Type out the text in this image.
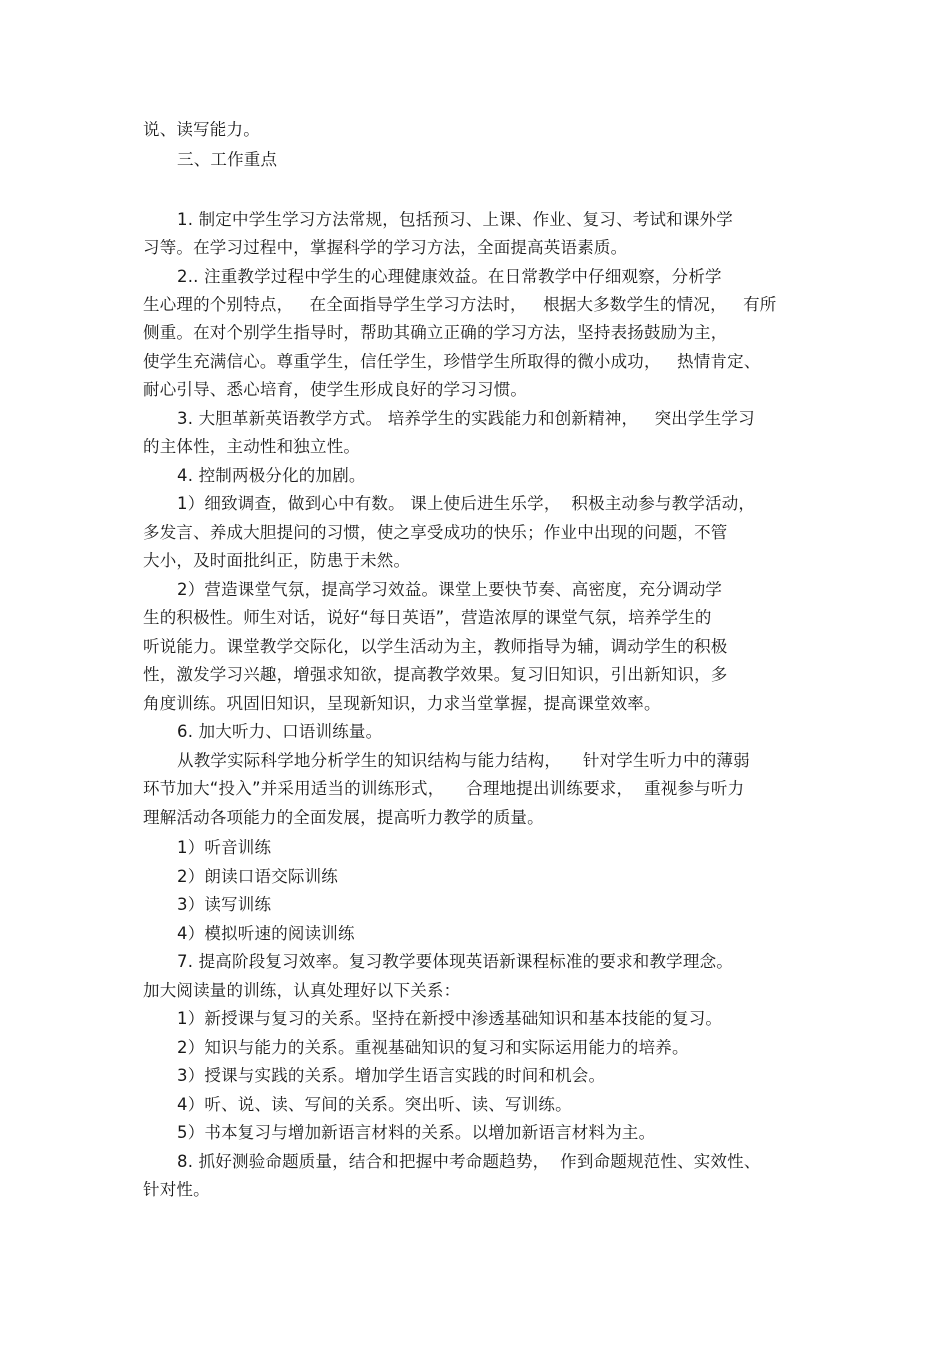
说、读写能力。
三、工作重点
1. 制定中学生学习方法常规，包括预习、上课、作业、复习、考试和课外学
习等。在学习过程中，掌握科学的学习方法，全面提高英语素质。
2.. 注重教学过程中学生的心理健康效益。在日常教学中仔细观察，分析学
生心理的个别特点，   在全面指导学生学习方法时，   根据大多数学生的情况，   有所
侧重。在对个别学生指导时，帮助其确立正确的学习方法，坚持表扬鼓励为主，
使学生充满信心。尊重学生，信任学生，珍惜学生所取得的微小成功，   热情肯定、
耐心引导、悉心培育，使学生形成良好的学习习惯。
3. 大胆革新英语教学方式。 培养学生的实践能力和创新精神，   突出学生学习
的主体性，主动性和独立性。
4. 控制两极分化的加剧。
1）细致调查，做到心中有数。 课上使后进生乐学，  积极主动参与教学活动，
多发言、养成大胆提问的习惯，使之享受成功的快乐；作业中出现的问题，不管
大小，及时面批纠正，防患于未然。
2）营造课堂气氛，提高学习效益。课堂上要快节奏、高密度，充分调动学
生的积极性。师生对话，说好“每日英语”，营造浓厚的课堂气氛，培养学生的
听说能力。课堂教学交际化，以学生活动为主，教师指导为辅，调动学生的积极
性，激发学习兴趣，增强求知欲，提高教学效果。复习旧知识，引出新知识，多
角度训练。巩固旧知识，呈现新知识，力求当堂掌握，提高课堂效率。
6. 加大听力、口语训练量。
从教学实际科学地分析学生的知识结构与能力结构，    针对学生听力中的薄弱
环节加大“投入”并采用适当的训练形式，    合理地提出训练要求，  重视参与听力
理解活动各项能力的全面发展，提高听力教学的质量。
1）听音训练
2）朗读口语交际训练
3）读写训练
4）模拟听速的阅读训练
7. 提高阶段复习效率。复习教学要体现英语新课程标准的要求和教学理念。
加大阅读量的训练，认真处理好以下关系：
1）新授课与复习的关系。坚持在新授中渗透基础知识和基本技能的复习。
2）知识与能力的关系。重视基础知识的复习和实际运用能力的培养。
3）授课与实践的关系。增加学生语言实践的时间和机会。
4）听、说、读、写间的关系。突出听、读、写训练。
5）书本复习与增加新语言材料的关系。以增加新语言材料为主。
8. 抓好测验命题质量，结合和把握中考命题趋势，  作到命题规范性、实效性、
针对性。
